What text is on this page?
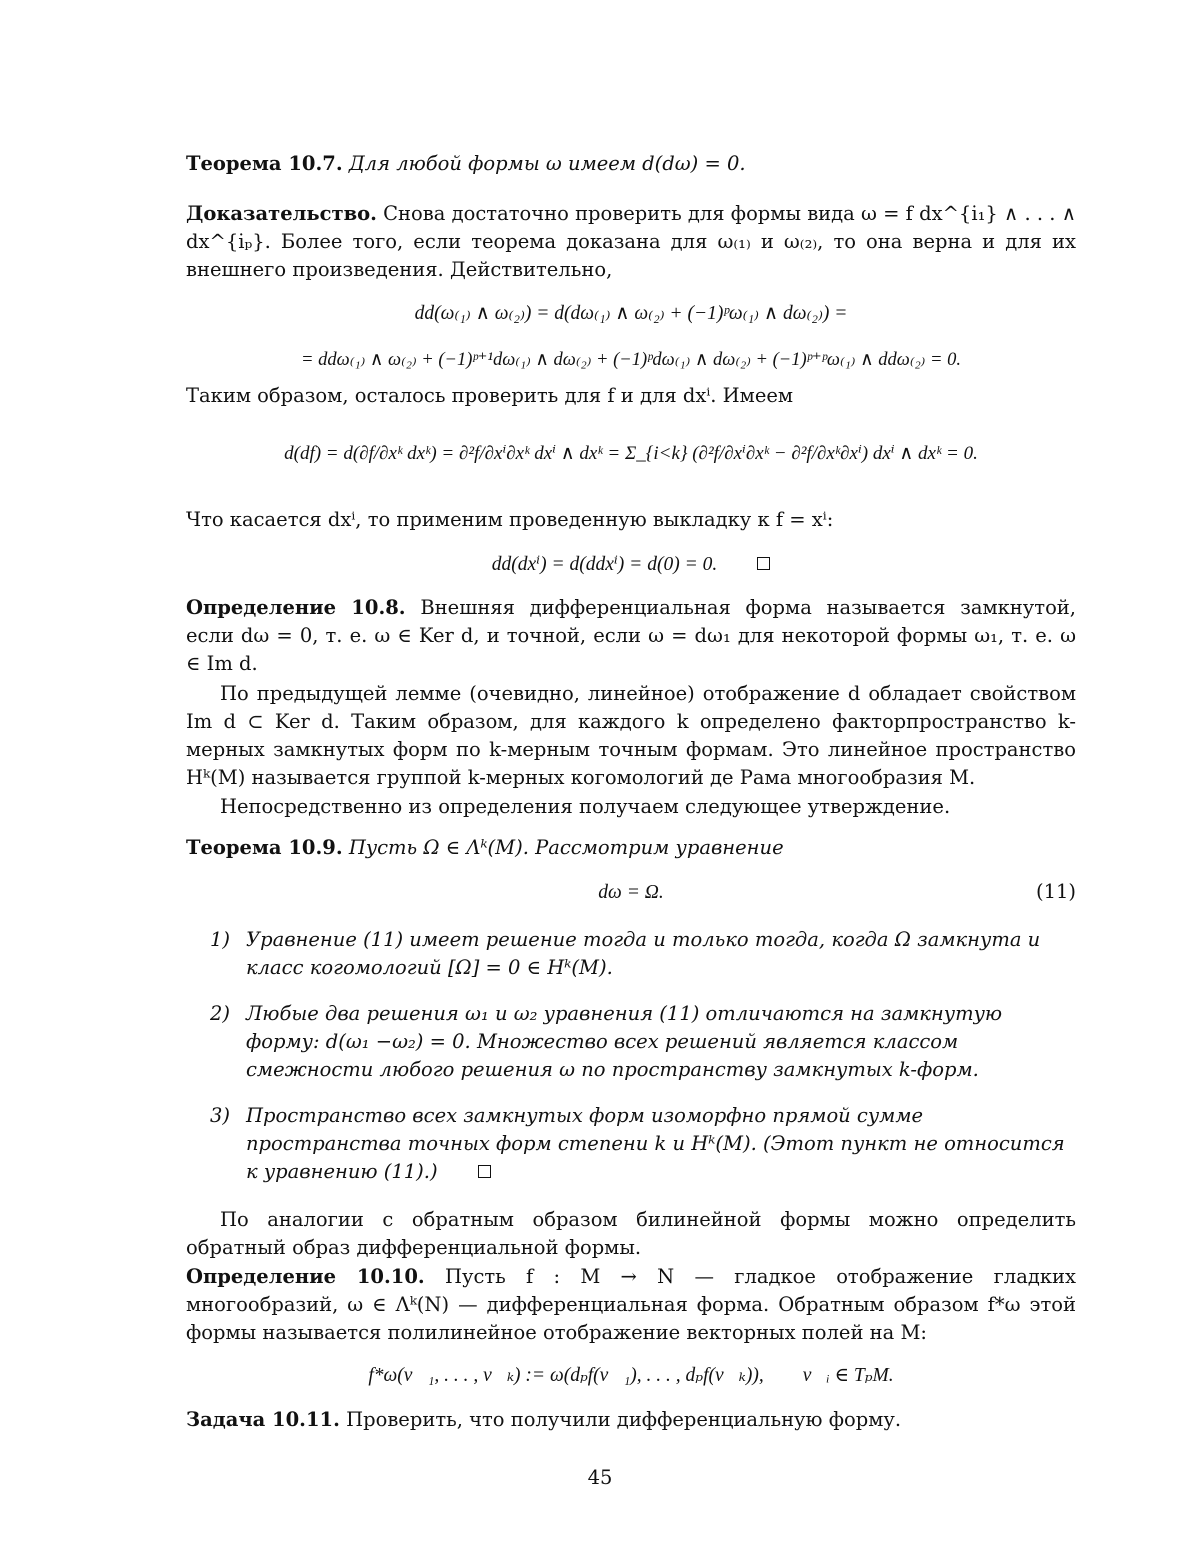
Теорема 10.7. Для любой формы ω имеем d(dω) = 0.
Доказательство. Снова достаточно проверить для формы вида ω = f dx^{i₁} ∧ . . . ∧ dx^{iₚ}. Более того, если теорема доказана для ω₍₁₎ и ω₍₂₎, то она верна и для их внешнего произведения. Действительно,
dd(ω₍₁₎ ∧ ω₍₂₎) = d(dω₍₁₎ ∧ ω₍₂₎ + (−1)ᵖω₍₁₎ ∧ dω₍₂₎) =
= ddω₍₁₎ ∧ ω₍₂₎ + (−1)ᵖ⁺¹dω₍₁₎ ∧ dω₍₂₎ + (−1)ᵖdω₍₁₎ ∧ dω₍₂₎ + (−1)ᵖ⁺ᵖω₍₁₎ ∧ ddω₍₂₎ = 0.
Таким образом, осталось проверить для f и для dxⁱ. Имеем
d(df) = d(∂f/∂xᵏ dxᵏ) = ∂²f/∂xⁱ∂xᵏ dxⁱ ∧ dxᵏ = Σ_{i<k} (∂²f/∂xⁱ∂xᵏ − ∂²f/∂xᵏ∂xⁱ) dxⁱ ∧ dxᵏ = 0.
Что касается dxⁱ, то применим проведенную выкладку к f = xⁱ:
dd(dxⁱ) = d(ddxⁱ) = d(0) = 0.
Определение 10.8. Внешняя дифференциальная форма называется замкнутой, если dω = 0, т. е. ω ∈ Ker d, и точной, если ω = dω₁ для некоторой формы ω₁, т. е. ω ∈ Im d.
По предыдущей лемме (очевидно, линейное) отображение d обладает свойством Im d ⊂ Ker d. Таким образом, для каждого k определено факторпространство k-мерных замкнутых форм по k-мерным точным формам. Это линейное пространство Hᵏ(M) называется группой k-мерных когомологий де Рама многообразия M.
Непосредственно из определения получаем следующее утверждение.
Теорема 10.9. Пусть Ω ∈ Λᵏ(M). Рассмотрим уравнение
dω = Ω.	(11)
1) Уравнение (11) имеет решение тогда и только тогда, когда Ω замкнута и класс когомологий [Ω] = 0 ∈ Hᵏ(M).
2) Любые два решения ω₁ и ω₂ уравнения (11) отличаются на замкнутую форму: d(ω₁ −ω₂) = 0. Множество всех решений является классом смежности любого решения ω по пространству замкнутых k-форм.
3) Пространство всех замкнутых форм изоморфно прямой сумме пространства точных форм степени k и Hᵏ(M). (Этот пункт не относится к уравнению (11).)
По аналогии с обратным образом билинейной формы можно определить обратный образ дифференциальной формы.
Определение 10.10. Пусть f : M → N — гладкое отображение гладких многообразий, ω ∈ Λᵏ(N) — дифференциальная форма. Обратным образом f*ω этой формы называется полилинейное отображение векторных полей на M:
f*ω(v⃗₁, . . . , v⃗ₖ) := ω(dₚf(v⃗₁), . . . , dₚf(v⃗ₖ)),        v⃗ᵢ ∈ TₚM.
Задача 10.11. Проверить, что получили дифференциальную форму.
45
